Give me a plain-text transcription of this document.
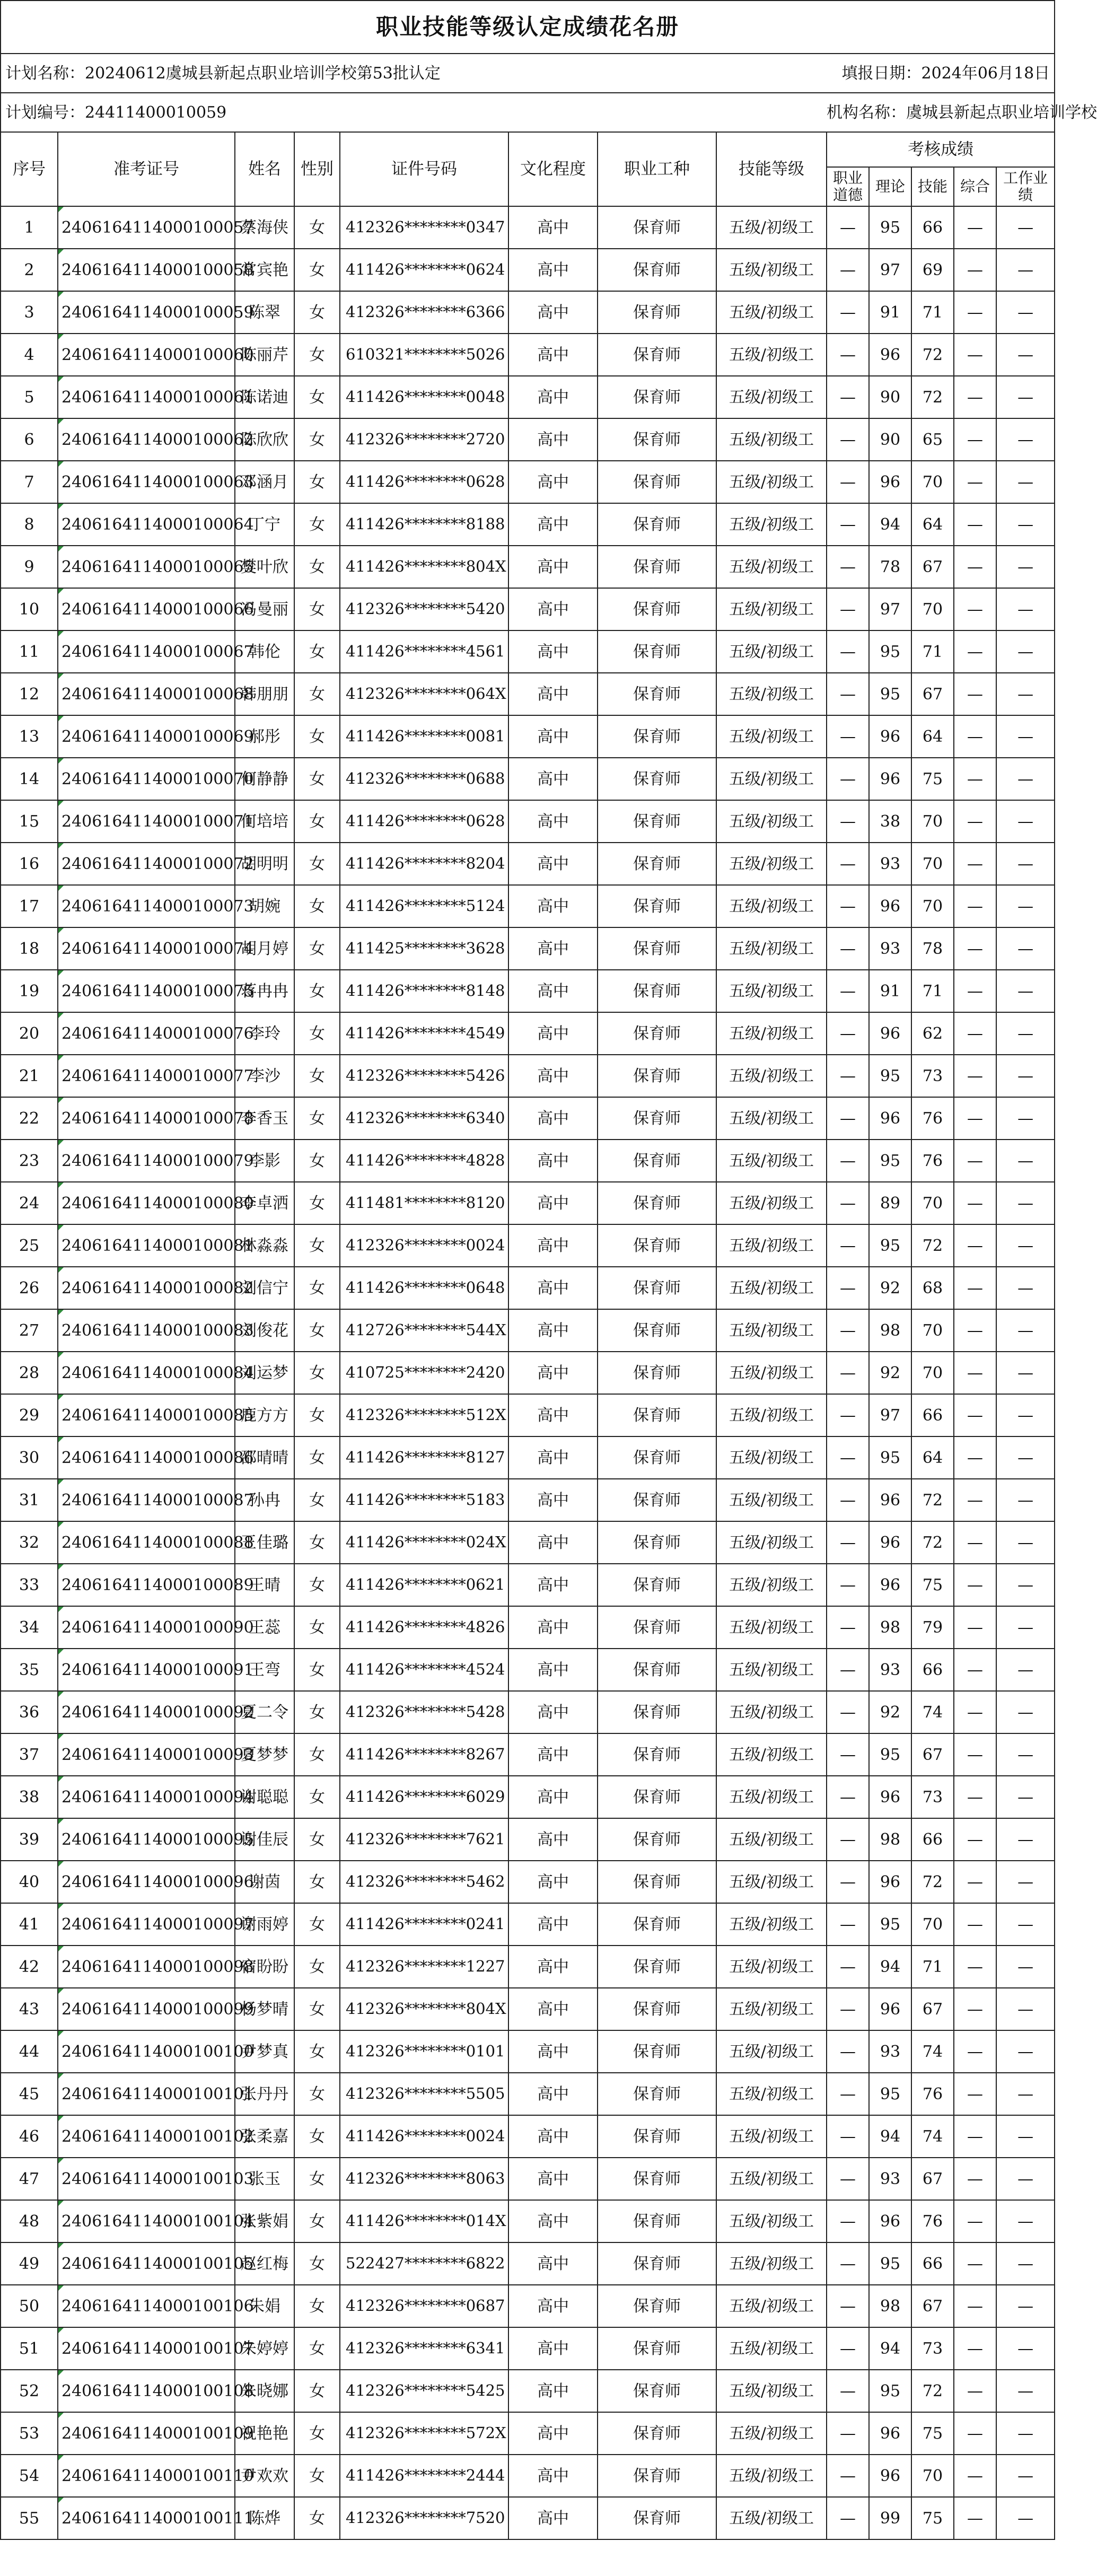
职业技能等级认定成绩花名册												
计划名称：20240612虞城县新起点职业培训学校第53批认定								填报日期：2024年06月18日				
计划编号：24411400010059								机构名称：虞城县新起点职业培训学校				
序号	准考证号	姓名	性别	证件号码	文化程度	职业工种	技能等级	考核成绩				
								职业道德	理论	技能	综合	工作业绩
1	2406164114000100057	蔡海侠	女	412326********0347	高中	保育师	五级/初级工	—	95	66	—	—
2	2406164114000100058	常宾艳	女	411426********0624	高中	保育师	五级/初级工	—	97	69	—	—
3	2406164114000100059	陈翠	女	412326********6366	高中	保育师	五级/初级工	—	91	71	—	—
4	2406164114000100060	陈丽芹	女	610321********5026	高中	保育师	五级/初级工	—	96	72	—	—
5	2406164114000100061	陈诺迪	女	411426********0048	高中	保育师	五级/初级工	—	90	72	—	—
6	2406164114000100062	陈欣欣	女	412326********2720	高中	保育师	五级/初级工	—	90	65	—	—
7	2406164114000100063	邓涵月	女	411426********0628	高中	保育师	五级/初级工	—	96	70	—	—
8	2406164114000100064	丁宁	女	411426********8188	高中	保育师	五级/初级工	—	94	64	—	—
9	2406164114000100065	樊叶欣	女	411426********804X	高中	保育师	五级/初级工	—	78	67	—	—
10	2406164114000100066	冯曼丽	女	412326********5420	高中	保育师	五级/初级工	—	97	70	—	—
11	2406164114000100067	韩伦	女	411426********4561	高中	保育师	五级/初级工	—	95	71	—	—
12	2406164114000100068	韩朋朋	女	412326********064X	高中	保育师	五级/初级工	—	95	67	—	—
13	2406164114000100069	郝彤	女	411426********0081	高中	保育师	五级/初级工	—	96	64	—	—
14	2406164114000100070	何静静	女	412326********0688	高中	保育师	五级/初级工	—	96	75	—	—
15	2406164114000100071	何培培	女	411426********0628	高中	保育师	五级/初级工	—	38	70	—	—
16	2406164114000100072	胡明明	女	411426********8204	高中	保育师	五级/初级工	—	93	70	—	—
17	2406164114000100073	胡婉	女	411426********5124	高中	保育师	五级/初级工	—	96	70	—	—
18	2406164114000100074	胡月婷	女	411425********3628	高中	保育师	五级/初级工	—	93	78	—	—
19	2406164114000100075	蒋冉冉	女	411426********8148	高中	保育师	五级/初级工	—	91	71	—	—
20	2406164114000100076	李玲	女	411426********4549	高中	保育师	五级/初级工	—	96	62	—	—
21	2406164114000100077	李沙	女	412326********5426	高中	保育师	五级/初级工	—	95	73	—	—
22	2406164114000100078	李香玉	女	412326********6340	高中	保育师	五级/初级工	—	96	76	—	—
23	2406164114000100079	李影	女	411426********4828	高中	保育师	五级/初级工	—	95	76	—	—
24	2406164114000100080	李卓洒	女	411481********8120	高中	保育师	五级/初级工	—	89	70	—	—
25	2406164114000100081	林淼淼	女	412326********0024	高中	保育师	五级/初级工	—	95	72	—	—
26	2406164114000100082	刘信宁	女	411426********0648	高中	保育师	五级/初级工	—	92	68	—	—
27	2406164114000100083	刘俊花	女	412726********544X	高中	保育师	五级/初级工	—	98	70	—	—
28	2406164114000100084	刘运梦	女	410725********2420	高中	保育师	五级/初级工	—	92	70	—	—
29	2406164114000100085	鹿方方	女	412326********512X	高中	保育师	五级/初级工	—	97	66	—	—
30	2406164114000100086	邵晴晴	女	411426********8127	高中	保育师	五级/初级工	—	95	64	—	—
31	2406164114000100087	孙冉	女	411426********5183	高中	保育师	五级/初级工	—	96	72	—	—
32	2406164114000100088	王佳璐	女	411426********024X	高中	保育师	五级/初级工	—	96	72	—	—
33	2406164114000100089	王晴	女	411426********0621	高中	保育师	五级/初级工	—	96	75	—	—
34	2406164114000100090	王蕊	女	411426********4826	高中	保育师	五级/初级工	—	98	79	—	—
35	2406164114000100091	王弯	女	411426********4524	高中	保育师	五级/初级工	—	93	66	—	—
36	2406164114000100092	夏二令	女	412326********5428	高中	保育师	五级/初级工	—	92	74	—	—
37	2406164114000100093	夏梦梦	女	411426********8267	高中	保育师	五级/初级工	—	95	67	—	—
38	2406164114000100094	谢聪聪	女	411426********6029	高中	保育师	五级/初级工	—	96	73	—	—
39	2406164114000100095	谢佳辰	女	412326********7621	高中	保育师	五级/初级工	—	98	66	—	—
40	2406164114000100096	谢茵	女	412326********5462	高中	保育师	五级/初级工	—	96	72	—	—
41	2406164114000100097	谢雨婷	女	411426********0241	高中	保育师	五级/初级工	—	95	70	—	—
42	2406164114000100098	宿盼盼	女	412326********1227	高中	保育师	五级/初级工	—	94	71	—	—
43	2406164114000100099	杨梦晴	女	412326********804X	高中	保育师	五级/初级工	—	96	67	—	—
44	2406164114000100100	尹梦真	女	412326********0101	高中	保育师	五级/初级工	—	93	74	—	—
45	2406164114000100101	张丹丹	女	412326********5505	高中	保育师	五级/初级工	—	95	76	—	—
46	2406164114000100102	张柔嘉	女	411426********0024	高中	保育师	五级/初级工	—	94	74	—	—
47	2406164114000100103	张玉	女	412326********8063	高中	保育师	五级/初级工	—	93	67	—	—
48	2406164114000100104	张紫娟	女	411426********014X	高中	保育师	五级/初级工	—	96	76	—	—
49	2406164114000100105	赵红梅	女	522427********6822	高中	保育师	五级/初级工	—	95	66	—	—
50	2406164114000100106	朱娟	女	412326********0687	高中	保育师	五级/初级工	—	98	67	—	—
51	2406164114000100107	朱婷婷	女	412326********6341	高中	保育师	五级/初级工	—	94	73	—	—
52	2406164114000100108	朱晓娜	女	412326********5425	高中	保育师	五级/初级工	—	95	72	—	—
53	2406164114000100109	祝艳艳	女	412326********572X	高中	保育师	五级/初级工	—	96	75	—	—
54	2406164114000100110	尹欢欢	女	411426********2444	高中	保育师	五级/初级工	—	96	70	—	—
55	2406164114000100111	陈烨	女	412326********7520	高中	保育师	五级/初级工	—	99	75	—	—
